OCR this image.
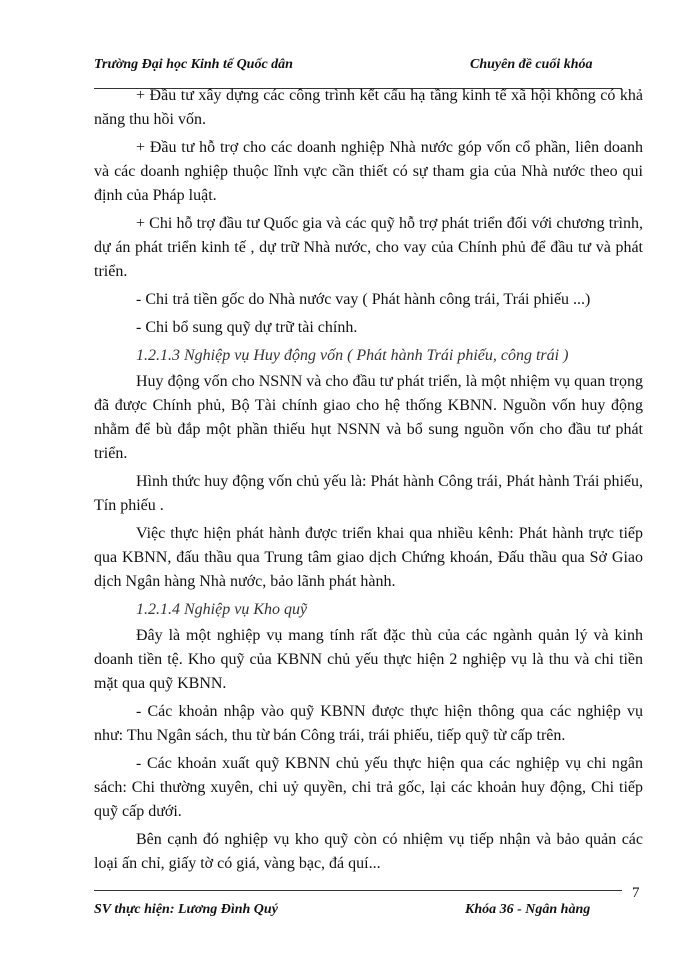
Trường Đại học Kinh tế Quốc dân	Chuyên đề cuối khóa

+ Đầu tư xây dựng các công trình kết cấu hạ tầng kinh tế xã hội không có khả năng thu hồi vốn.

+ Đầu tư hỗ trợ cho các doanh nghiệp Nhà nước góp vốn cổ phần, liên doanh và các doanh nghiệp thuộc lĩnh vực cần thiết có sự tham gia của Nhà nước theo qui định của Pháp luật.

+ Chi hỗ trợ đầu tư Quốc gia và các quỹ hỗ trợ phát triển đối với chương trình, dự án phát triển kinh tế , dự trữ Nhà nước, cho vay của Chính phủ để đầu tư và phát triển.

- Chi trả tiền gốc do Nhà nước vay ( Phát hành công trái, Trái phiếu ...)

- Chi bổ sung quỹ dự trữ tài chính.

1.2.1.3 Nghiệp vụ Huy động vốn ( Phát hành Trái phiếu, công trái )

Huy động vốn cho NSNN và cho đầu tư phát triển, là một nhiệm vụ quan trọng đã được Chính phủ, Bộ Tài chính giao cho hệ thống KBNN. Nguồn vốn huy động nhằm để bù đắp một phần thiếu hụt NSNN và bổ sung nguồn vốn cho đầu tư phát triển.

Hình thức huy động vốn chủ yếu là: Phát hành Công trái, Phát hành Trái phiếu, Tín phiếu .

Việc thực hiện phát hành được triển khai qua nhiều kênh: Phát hành trực tiếp qua KBNN, đấu thầu qua Trung tâm giao dịch Chứng khoán, Đấu thầu qua Sở Giao dịch Ngân hàng Nhà nước, bảo lãnh phát hành.

1.2.1.4 Nghiệp vụ Kho quỹ

Đây là một nghiệp vụ mang tính rất đặc thù của các ngành quản lý và kinh doanh tiền tệ. Kho quỹ của KBNN chủ yếu thực hiện 2 nghiệp vụ là thu và chi tiền mặt qua quỹ KBNN.

- Các khoản nhập vào quỹ KBNN được thực hiện thông qua các nghiệp vụ như: Thu Ngân sách, thu từ bán Công trái, trái phiếu, tiếp quỹ từ cấp trên.

- Các khoản xuất quỹ KBNN chủ yếu thực hiện qua các nghiệp vụ chi ngân sách: Chi thường xuyên, chi uỷ quyền, chi trả gốc, lại các khoản huy động, Chi tiếp quỹ cấp dưới.

Bên cạnh đó nghiệp vụ kho quỹ còn có nhiệm vụ tiếp nhận và bảo quản các loại ấn chỉ, giấy tờ có giá, vàng bạc, đá quí...

7
SV thực hiện: Lương Đình Quý	Khóa 36 - Ngân hàng
